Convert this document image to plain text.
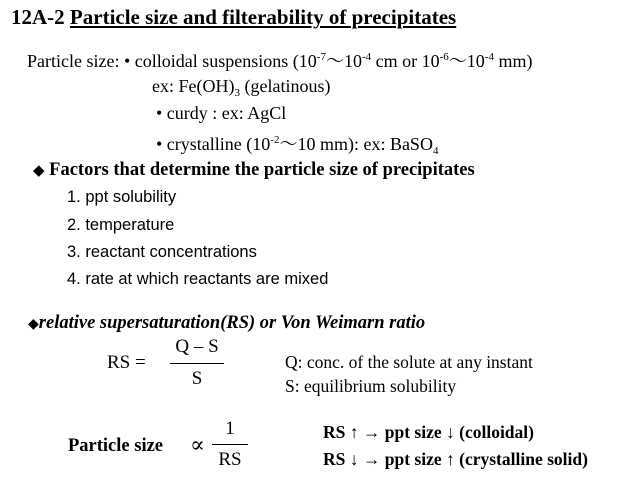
12A-2 Particle size and filterability of precipitates
Particle size: • colloidal suspensions ($10^{-7}\sim 10^{-4}$ cm or $10^{-6}\sim 10^{-4}$ mm)
ex: $Fe(OH)_3$ (gelatinous)
• curdy : ex: AgCl
• crystalline ($10^{-2}\sim 10$ mm): ex: BaSO$_4$
◆ Factors that determine the particle size of precipitates
1. ppt solubility
2. temperature
3. reactant concentrations
4. rate at which reactants are mixed
◆relative supersaturation(RS) or Von Weimarn ratio
RS =
Q – S
S
Q: conc. of the solute at any instant
S: equilibrium solubility
Particle size ∝
1
RS
RS ↑ → ppt size ↓ (colloidal)
RS ↓ → ppt size ↑ (crystalline solid)
